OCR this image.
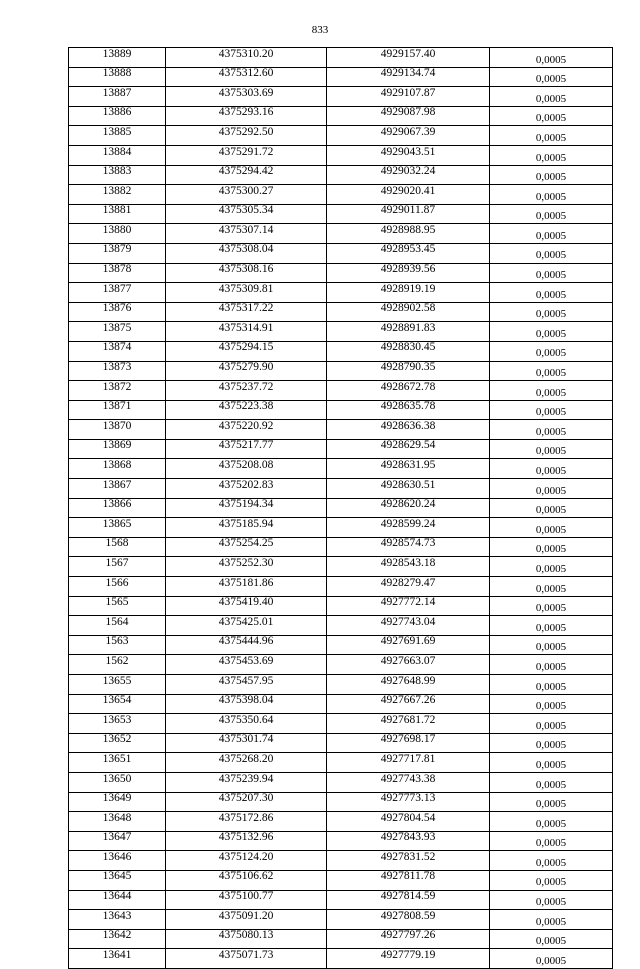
833
13889	4375310.20	4929157.40	0,0005
13888	4375312.60	4929134.74	0,0005
13887	4375303.69	4929107.87	0,0005
13886	4375293.16	4929087.98	0,0005
13885	4375292.50	4929067.39	0,0005
13884	4375291.72	4929043.51	0,0005
13883	4375294.42	4929032.24	0,0005
13882	4375300.27	4929020.41	0,0005
13881	4375305.34	4929011.87	0,0005
13880	4375307.14	4928988.95	0,0005
13879	4375308.04	4928953.45	0,0005
13878	4375308.16	4928939.56	0,0005
13877	4375309.81	4928919.19	0,0005
13876	4375317.22	4928902.58	0,0005
13875	4375314.91	4928891.83	0,0005
13874	4375294.15	4928830.45	0,0005
13873	4375279.90	4928790.35	0,0005
13872	4375237.72	4928672.78	0,0005
13871	4375223.38	4928635.78	0,0005
13870	4375220.92	4928636.38	0,0005
13869	4375217.77	4928629.54	0,0005
13868	4375208.08	4928631.95	0,0005
13867	4375202.83	4928630.51	0,0005
13866	4375194.34	4928620.24	0,0005
13865	4375185.94	4928599.24	0,0005
1568	4375254.25	4928574.73	0,0005
1567	4375252.30	4928543.18	0,0005
1566	4375181.86	4928279.47	0,0005
1565	4375419.40	4927772.14	0,0005
1564	4375425.01	4927743.04	0,0005
1563	4375444.96	4927691.69	0,0005
1562	4375453.69	4927663.07	0,0005
13655	4375457.95	4927648.99	0,0005
13654	4375398.04	4927667.26	0,0005
13653	4375350.64	4927681.72	0,0005
13652	4375301.74	4927698.17	0,0005
13651	4375268.20	4927717.81	0,0005
13650	4375239.94	4927743.38	0,0005
13649	4375207.30	4927773.13	0,0005
13648	4375172.86	4927804.54	0,0005
13647	4375132.96	4927843.93	0,0005
13646	4375124.20	4927831.52	0,0005
13645	4375106.62	4927811.78	0,0005
13644	4375100.77	4927814.59	0,0005
13643	4375091.20	4927808.59	0,0005
13642	4375080.13	4927797.26	0,0005
13641	4375071.73	4927779.19	0,0005
